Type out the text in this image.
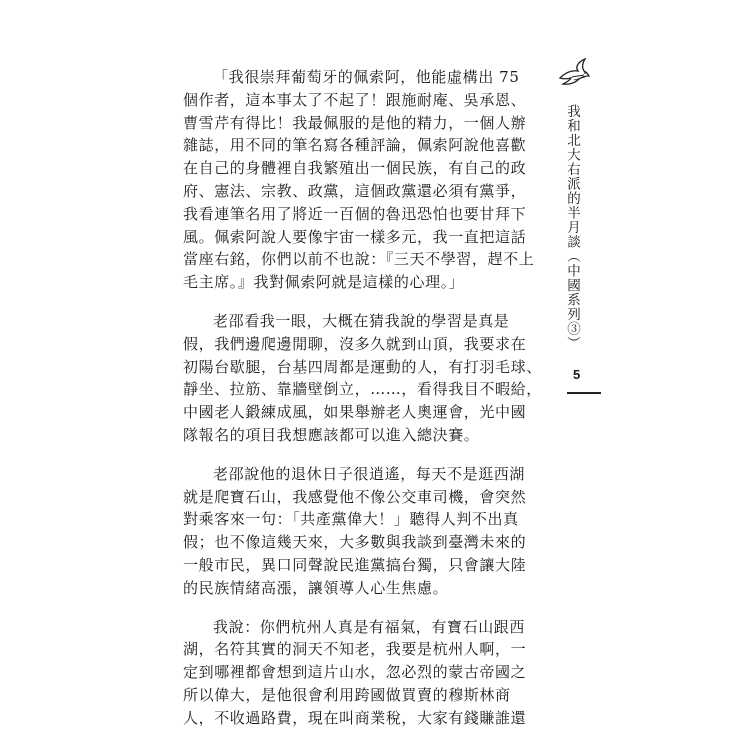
我和北大右派的半月談（中國系列③）
5

「我很崇拜葡萄牙的佩索阿，他能虛構出 75
個作者，這本事太了不起了！跟施耐庵、吳承恩、
曹雪芹有得比！我最佩服的是他的精力，一個人辦
雜誌，用不同的筆名寫各種評論，佩索阿說他喜歡
在自己的身體裡自我繁殖出一個民族，有自己的政
府、憲法、宗教、政黨，這個政黨還必須有黨爭，
我看連筆名用了將近一百個的魯迅恐怕也要甘拜下
風。佩索阿說人要像宇宙一樣多元，我一直把這話
當座右銘，你們以前不也說：『三天不學習，趕不上
毛主席。』我對佩索阿就是這樣的心理。」

老邵看我一眼，大概在猜我說的學習是真是
假，我們邊爬邊閒聊，沒多久就到山頂，我要求在
初陽台歇腿，台基四周都是運動的人，有打羽毛球、
靜坐、拉筋、靠牆壁倒立，……，看得我目不暇給，
中國老人鍛練成風，如果舉辦老人奧運會，光中國
隊報名的項目我想應該都可以進入總決賽。

老邵說他的退休日子很逍遙，每天不是逛西湖
就是爬寶石山，我感覺他不像公交車司機，會突然
對乘客來一句：「共產黨偉大！」聽得人判不出真
假；也不像這幾天來，大多數與我談到臺灣未來的
一般市民，異口同聲說民進黨搞台獨，只會讓大陸
的民族情緒高漲，讓領導人心生焦慮。

我說：你們杭州人真是有福氣，有寶石山跟西
湖，名符其實的洞天不知老，我要是杭州人啊，一
定到哪裡都會想到這片山水，忽必烈的蒙古帝國之
所以偉大，是他很會利用跨國做買賣的穆斯林商
人，不收過路費，現在叫商業稅，大家有錢賺誰還
